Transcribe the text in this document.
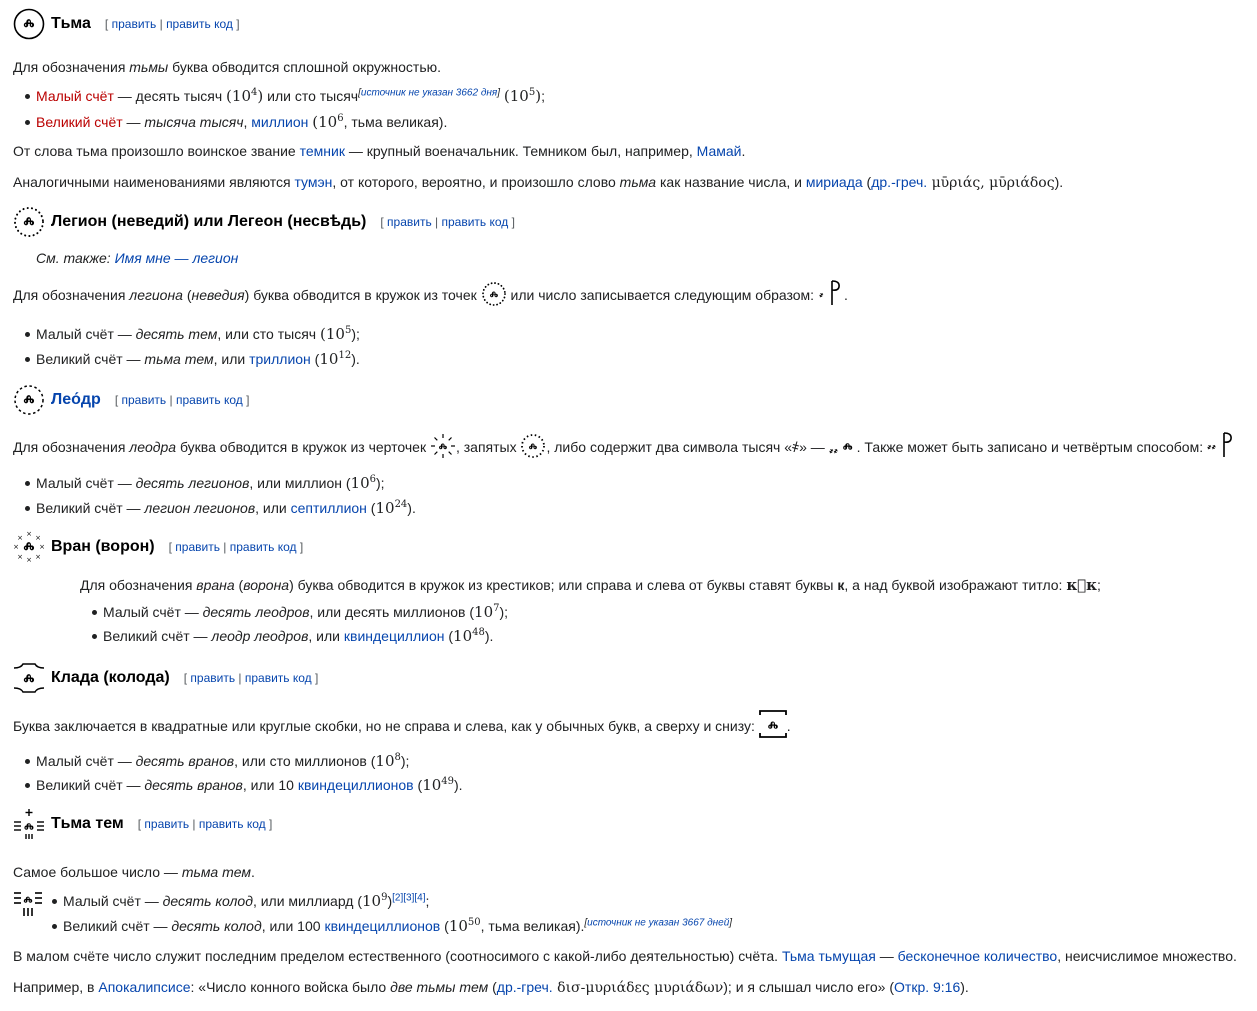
ⰾ Тьма [ править | править код ]
Для обозначения тьмы буква обводится сплошной окружностью.
Малый счёт — десять тысяч $(10^4)$ или сто тысяч[источник не указан 3662 дня] $(10^5)$;
Великий счёт — тысяча тысяч, миллион ($10^6$, тьма великая).
От слова тьма произошло воинское звание темник — крупный военачальник. Темником был, например, Мамай.
Аналогичными наименованиями являются тумэн, от которого, вероятно, и произошло слово тьма как название числа, и мириада (др.-греч. μῡριάς, μῡριάδος).
ⰾ Легион (неведий) или Легеон (несвѣдь) [ править | править код ]
См. также: Имя мне — легион
Для обозначения легиона (неведия) буква обводится в кружок из точек ⰾ или число записывается следующим образом: ҂ .
Малый счёт — десять тем, или сто тысяч $(10^5)$;
Великий счёт — тьма тем, или триллион $(10^{12})$.
ⰾ Лео́др [ править | править код ]
Для обозначения леодра буква обводится в кружок из черточек ⰾ , запятых ⰾ , либо содержит два символа тысяч «҂» — ҂҂ ⰾ . Также может быть записано и четвёртым способом: ҂҂
Малый счёт — десять легионов, или миллион $(10^6)$;
Великий счёт — легион легионов, или септиллион $(10^{24})$.
×
×
×	×
× ×
× ×
ⰾ Вран (ворон) [ править | править код ]
Для обозначения врана (ворона) буква обводится в кружок из крестиков; или справа и слева от буквы ставят буквы к, а над буквой изображают титло: кⷶк;
Малый счёт — десять леодров, или десять миллионов $(10^7)$;
Великий счёт — леодр леодров, или квиндециллион $(10^{48})$.
ⰾ Клада (колода) [ править | править код ]
Буква заключается в квадратные или круглые скобки, но не справа и слева, как у обычных букв, а сверху и снизу: ⰾ .
Малый счёт — десять вранов, или сто миллионов $(10^8)$;
Великий счёт — десять вранов, или 10 квиндециллионов $(10^{49})$.
ⰾ Тьма тем [ править | править код ]
Самое большое число — тьма тем.
ⰾ	Малый счёт — десять колод, или миллиард $(10^9)[2][3][4]$;
Великий счёт — десять колод, или 100 квиндециллионов ($10^{50}$, тьма великая).[источник не указан 3667 дней]
В малом счёте число служит последним пределом естественного (соотносимого с какой-либо деятельностью) счёта. Тьма тьмущая — бесконечное количество, неисчислимое множество.
Например, в Апокалипсисе: «Число конного войска было две тьмы тем (др.-греч. δισ-μυριάδες μυριάδων); и я слышал число его» (Откр. 9:16).
